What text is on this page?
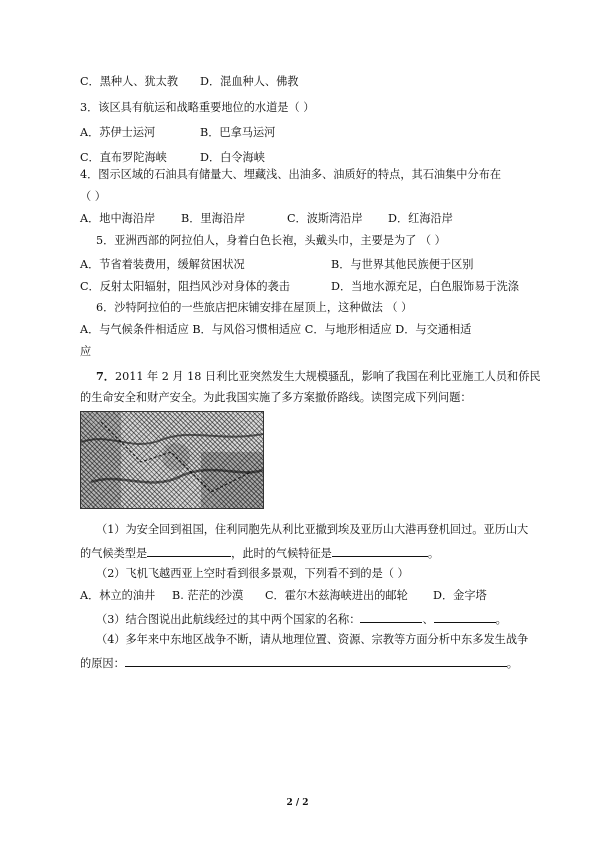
C．黑种人、犹太教 D．混血种人、佛教
3．该区具有航运和战略重要地位的水道是（ ）
A．苏伊士运河	B．巴拿马运河
C．直布罗陀海峡	D．白令海峡
4．图示区域的石油具有储量大、埋藏浅、出油多、油质好的特点，其石油集中分布在
（ ）
A．地中海沿岸 B．里海沿岸	C．波斯湾沿岸 D．红海沿岸
5．亚洲西部的阿拉伯人，身着白色长袍，头戴头巾，主要是为了 （ ）
A．节省着装费用，缓解贫困状况	B．与世界其他民族便于区别
C．反射太阳辐射，阻挡风沙对身体的袭击	D．当地水源充足，白色服饰易于洗涤
6．沙特阿拉伯的一些旅店把床铺安排在屋顶上，这种做法 （ ）
A．与气候条件相适应 B．与风俗习惯相适应 C．与地形相适应 D．与交通相适
应
7．2011 年 2 月 18 日利比亚突然发生大规模骚乱，影响了我国在利比亚施工人员和侨民
的生命安全和财产安全。为此我国实施了多方案撤侨路线。读图完成下列问题：
（1）为安全回到祖国，住利同胞先从利比亚撤到埃及亚历山大港再登机回过。亚历山大
的气候类型是	，此时的气候特征是	。
（2）飞机飞越西亚上空时看到很多景观，下列看不到的是（ ）
A．林立的油井 B. 茫茫的沙漠 C．霍尔木兹海峡进出的邮轮 D．金字塔
（3）结合图说出此航线经过的其中两个国家的名称：	、	。
（4）多年来中东地区战争不断，请从地理位置、资源、宗教等方面分析中东多发生战争
的原因：	。
2 / 2
